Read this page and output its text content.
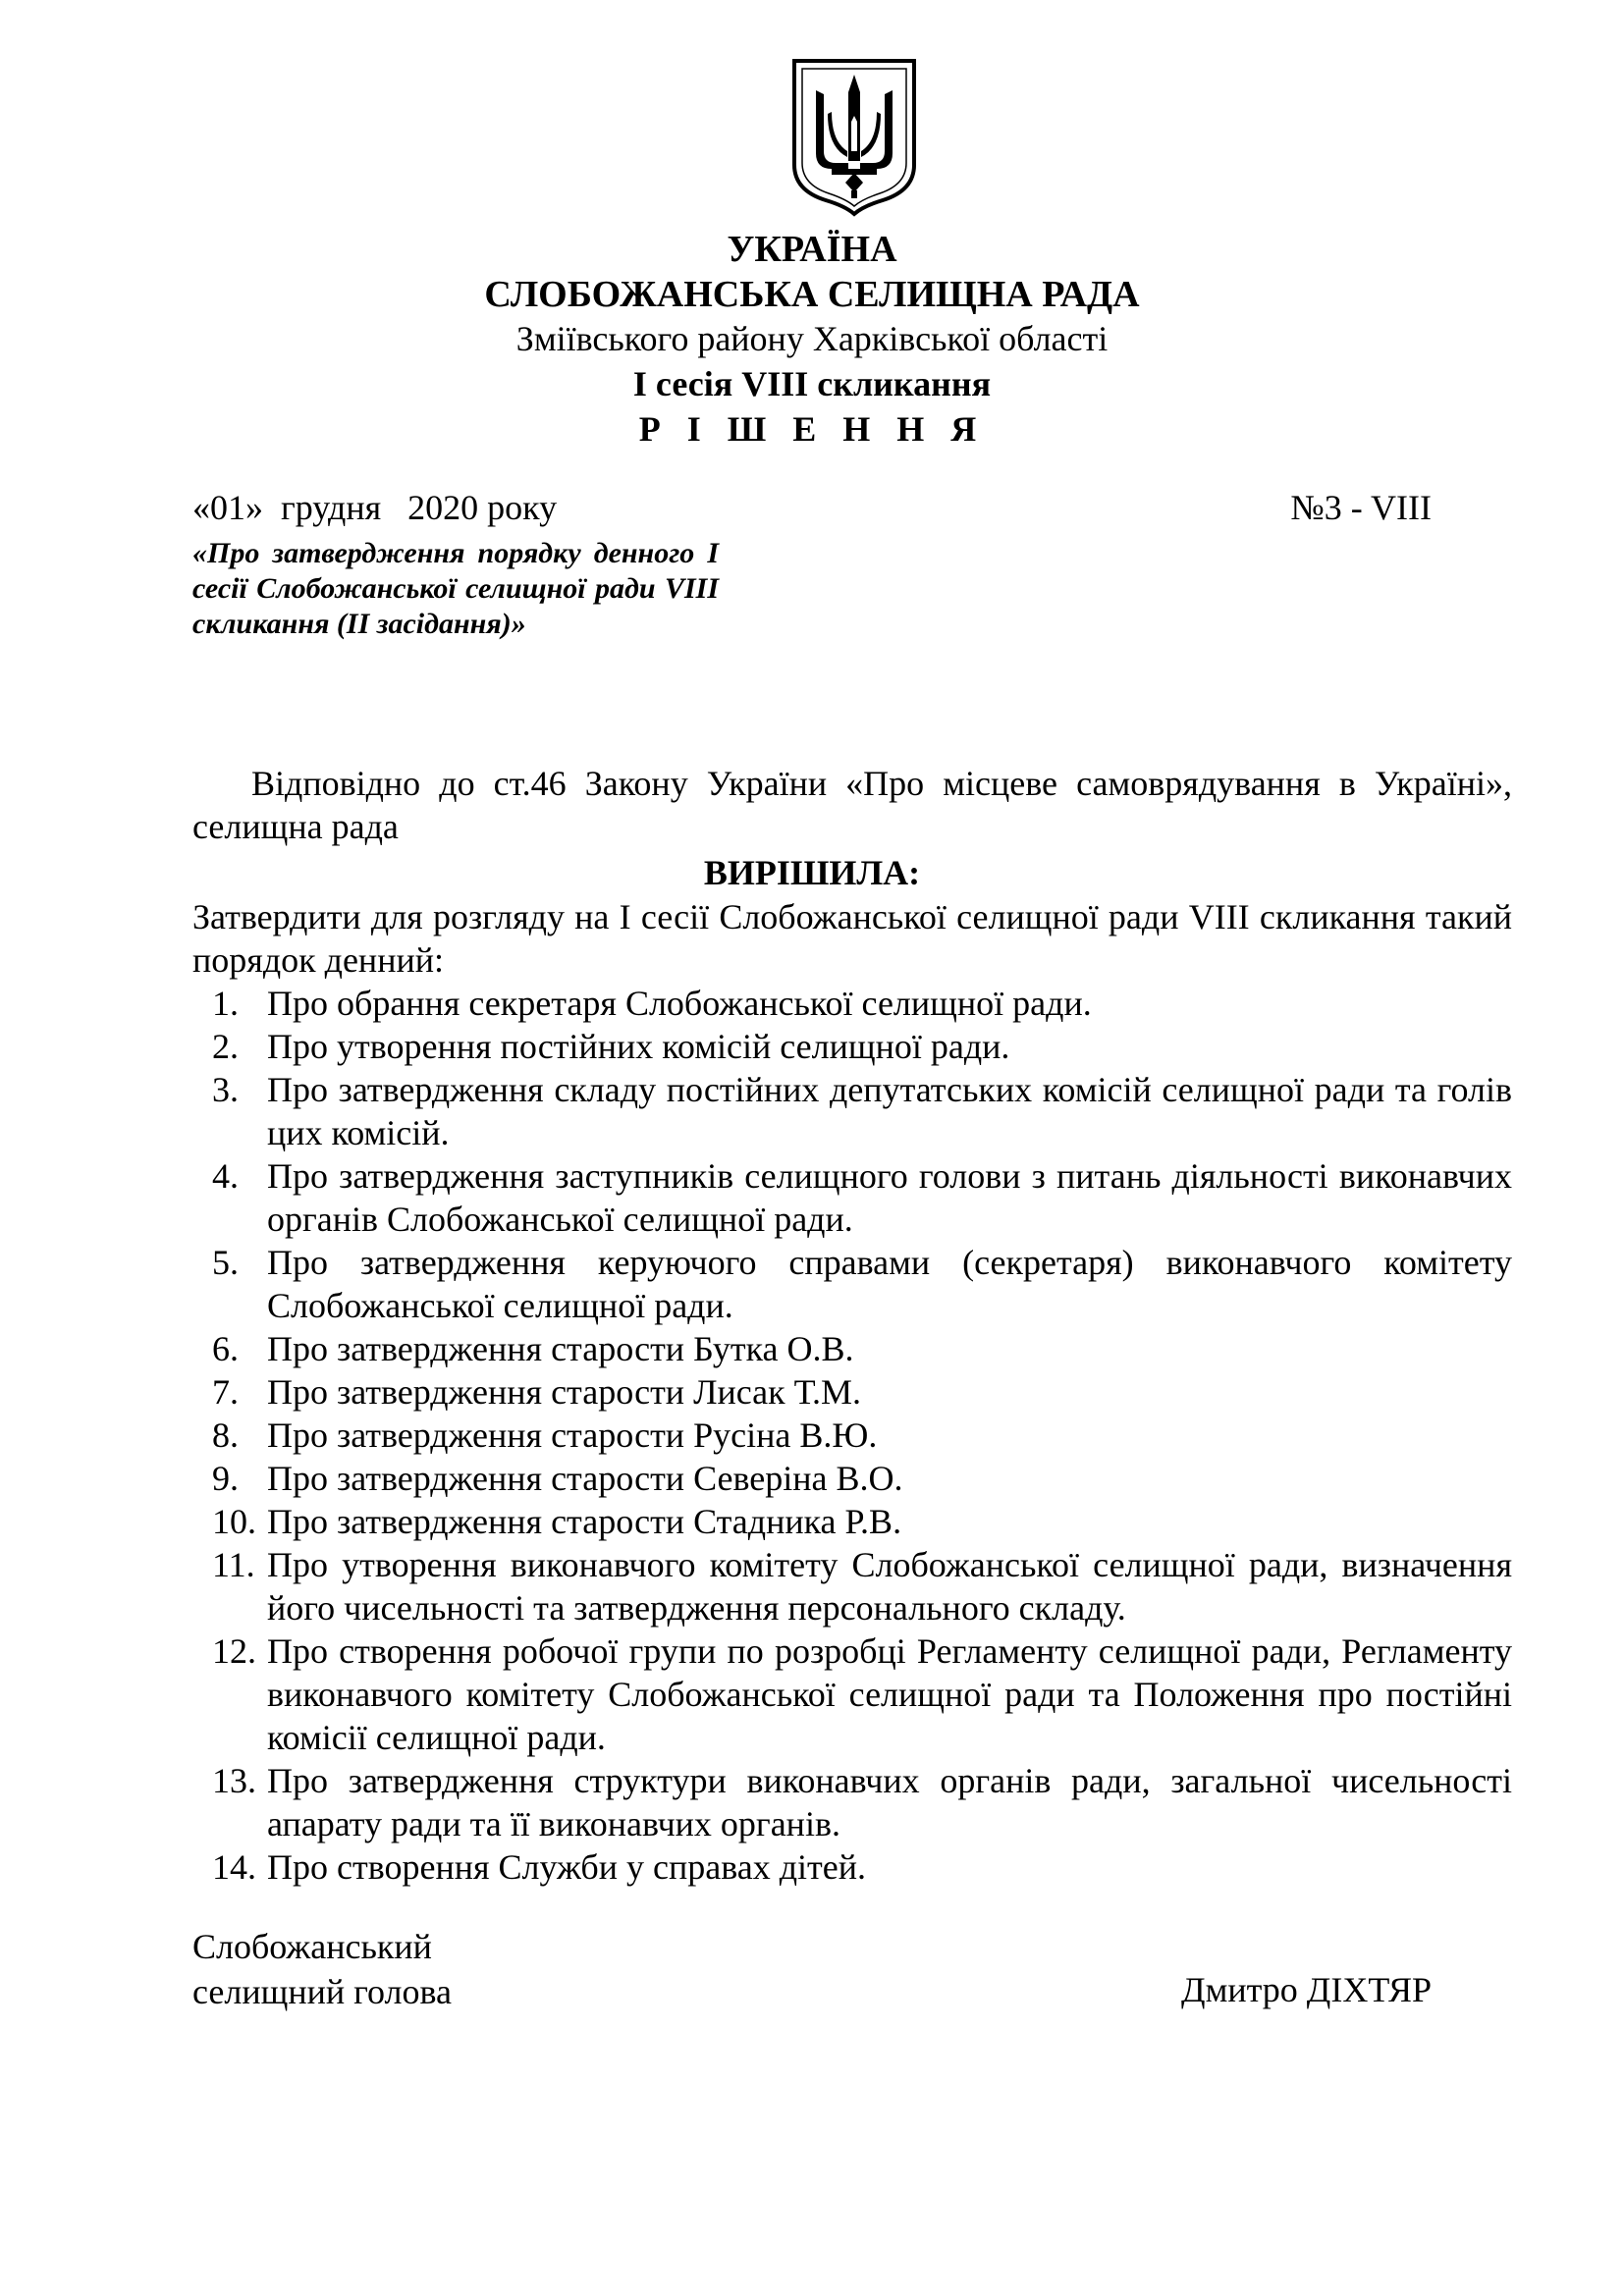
УКРАЇНА
СЛОБОЖАНСЬКА СЕЛИЩНА РАДА
Зміївського району Харківської області
І сесія VIII скликання
Р І Ш Е Н Н Я
«01»  грудня   2020 року	№3 - VIII
«Про затвердження порядку денного І сесії Слобожанської селищної ради VIII скликання (ІІ засідання)»
Відповідно до ст.46 Закону України «Про місцеве самоврядування в Україні», селищна рада
ВИРІШИЛА:
Затвердити для розгляду на І сесії Слобожанської селищної ради VIII скликання такий порядок денний:
1. Про обрання секретаря Слобожанської селищної ради.
2. Про утворення постійних комісій селищної ради.
3. Про затвердження складу постійних депутатських комісій селищної ради та голів цих комісій.
4. Про затвердження заступників селищного голови з питань діяльності виконавчих органів Слобожанської селищної ради.
5. Про затвердження керуючого справами (секретаря) виконавчого комітету Слобожанської селищної ради.
6. Про затвердження старости Бутка О.В.
7. Про затвердження старости Лисак Т.М.
8. Про затвердження старости Русіна В.Ю.
9. Про затвердження старости Северіна В.О.
10. Про затвердження старости Стадника Р.В.
11. Про утворення виконавчого комітету Слобожанської селищної ради, визначення його чисельності та затвердження персонального складу.
12. Про створення робочої групи по розробці Регламенту селищної ради, Регламенту виконавчого комітету Слобожанської селищної ради та Положення про постійні комісії селищної ради.
13. Про затвердження структури виконавчих органів ради, загальної чисельності апарату ради та її виконавчих органів.
14. Про створення Служби у справах дітей.
Слобожанський
селищний голова	Дмитро ДІХТЯР
